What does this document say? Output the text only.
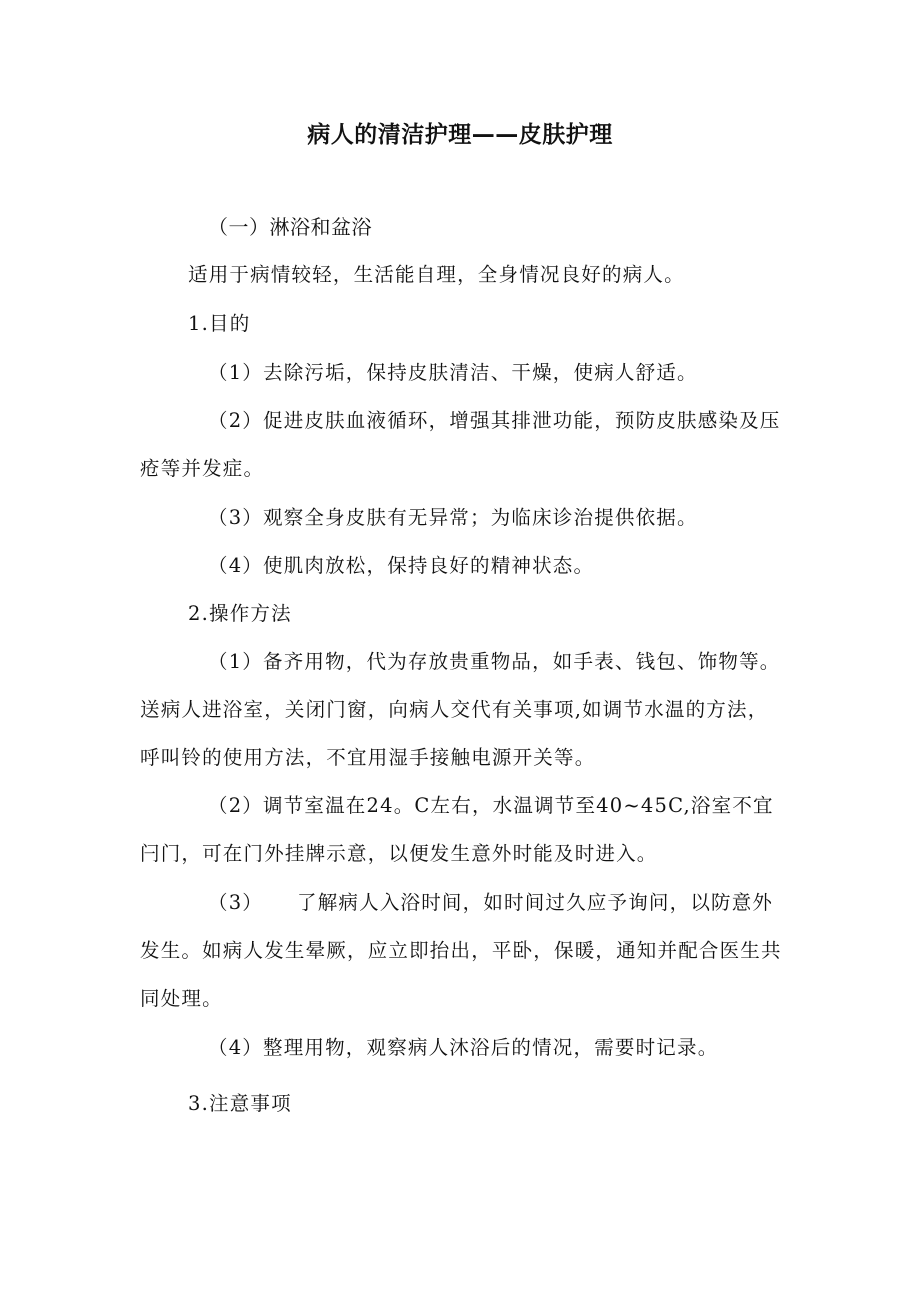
病人的清洁护理——皮肤护理

（一）淋浴和盆浴

适用于病情较轻，生活能自理，全身情况良好的病人。

1.目的

（1）去除污垢，保持皮肤清洁、干燥，使病人舒适。

（2）促进皮肤血液循环，增强其排泄功能，预防皮肤感染及压疮等并发症。

（3）观察全身皮肤有无异常；为临床诊治提供依据。

（4）使肌肉放松，保持良好的精神状态。

2.操作方法

（1）备齐用物，代为存放贵重物品，如手表、钱包、饰物等。送病人进浴室，关闭门窗，向病人交代有关事项,如调节水温的方法，呼叫铃的使用方法，不宜用湿手接触电源开关等。

（2）调节室温在24。C左右，水温调节至40~45C,浴室不宜闩门，可在门外挂牌示意，以便发生意外时能及时进入。

（3） 了解病人入浴时间，如时间过久应予询问，以防意外发生。如病人发生晕厥，应立即抬出，平卧，保暖，通知并配合医生共同处理。

（4）整理用物，观察病人沐浴后的情况，需要时记录。

3.注意事项
